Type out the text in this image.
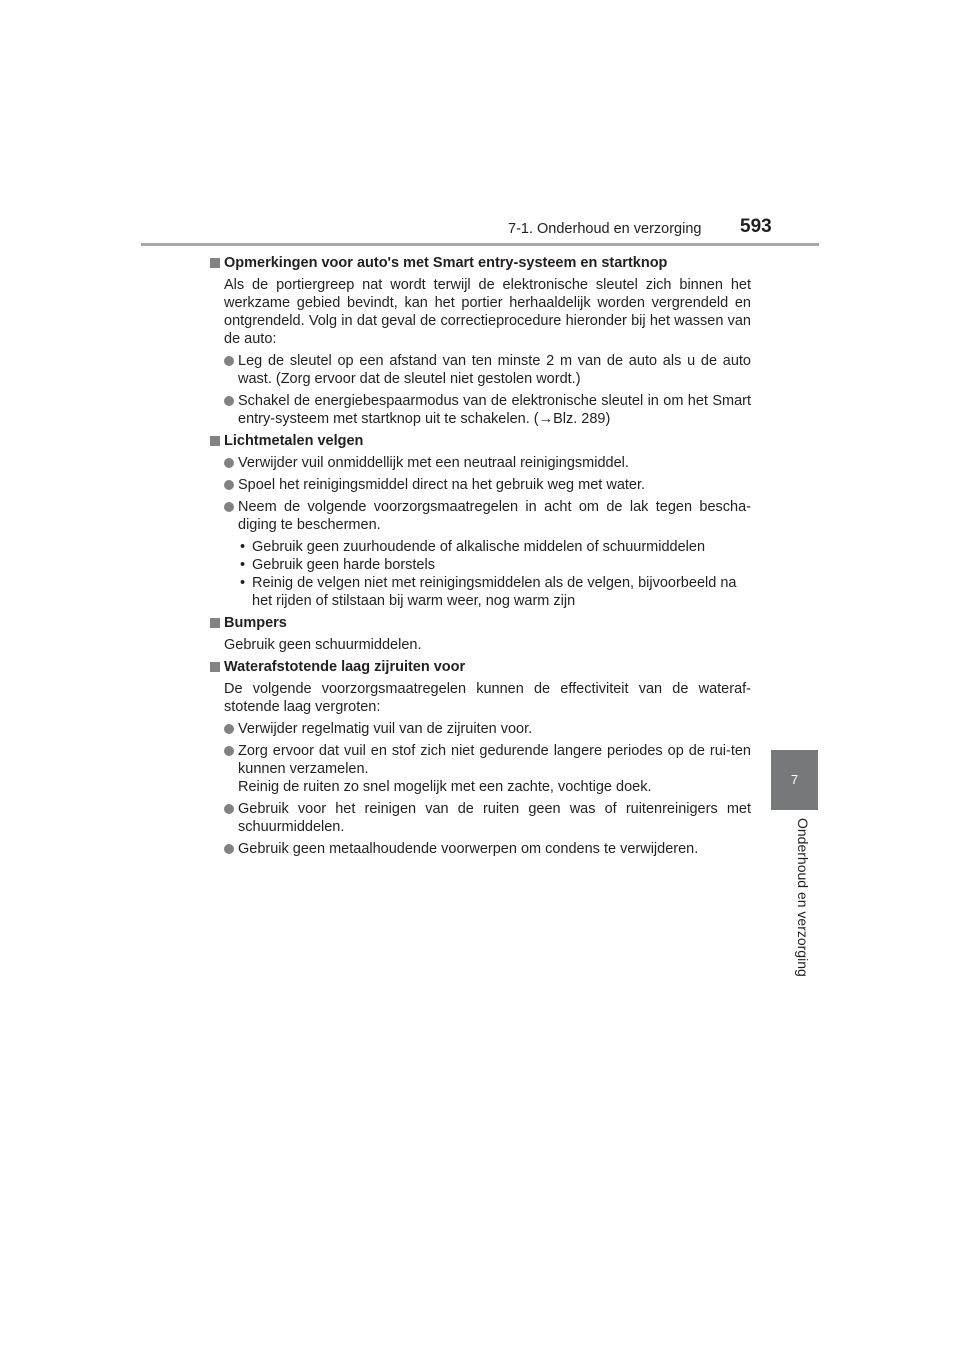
7-1. Onderhoud en verzorging 593
7
Onderhoud en verzorging
Opmerkingen voor auto's met Smart entry-systeem en startknop
Als de portiergreep nat wordt terwijl de elektronische sleutel zich binnen het werkzame gebied bevindt, kan het portier herhaaldelijk worden vergrendeld en ontgrendeld. Volg in dat geval de correctieprocedure hieronder bij het wassen van de auto:
Leg de sleutel op een afstand van ten minste 2 m van de auto als u de auto wast. (Zorg ervoor dat de sleutel niet gestolen wordt.)
Schakel de energiebespaarmodus van de elektronische sleutel in om het Smart entry-systeem met startknop uit te schakelen. (→Blz. 289)
Lichtmetalen velgen
Verwijder vuil onmiddellijk met een neutraal reinigingsmiddel.
Spoel het reinigingsmiddel direct na het gebruik weg met water.
Neem de volgende voorzorgsmaatregelen in acht om de lak tegen bescha-diging te beschermen.
• Gebruik geen zuurhoudende of alkalische middelen of schuurmiddelen
• Gebruik geen harde borstels
• Reinig de velgen niet met reinigingsmiddelen als de velgen, bijvoorbeeld na het rijden of stilstaan bij warm weer, nog warm zijn
Bumpers
Gebruik geen schuurmiddelen.
Waterafstotende laag zijruiten voor
De volgende voorzorgsmaatregelen kunnen de effectiviteit van de wateraf-stotende laag vergroten:
Verwijder regelmatig vuil van de zijruiten voor.
Zorg ervoor dat vuil en stof zich niet gedurende langere periodes op de rui-ten kunnen verzamelen.
Reinig de ruiten zo snel mogelijk met een zachte, vochtige doek.
Gebruik voor het reinigen van de ruiten geen was of ruitenreinigers met schuurmiddelen.
Gebruik geen metaalhoudende voorwerpen om condens te verwijderen.
